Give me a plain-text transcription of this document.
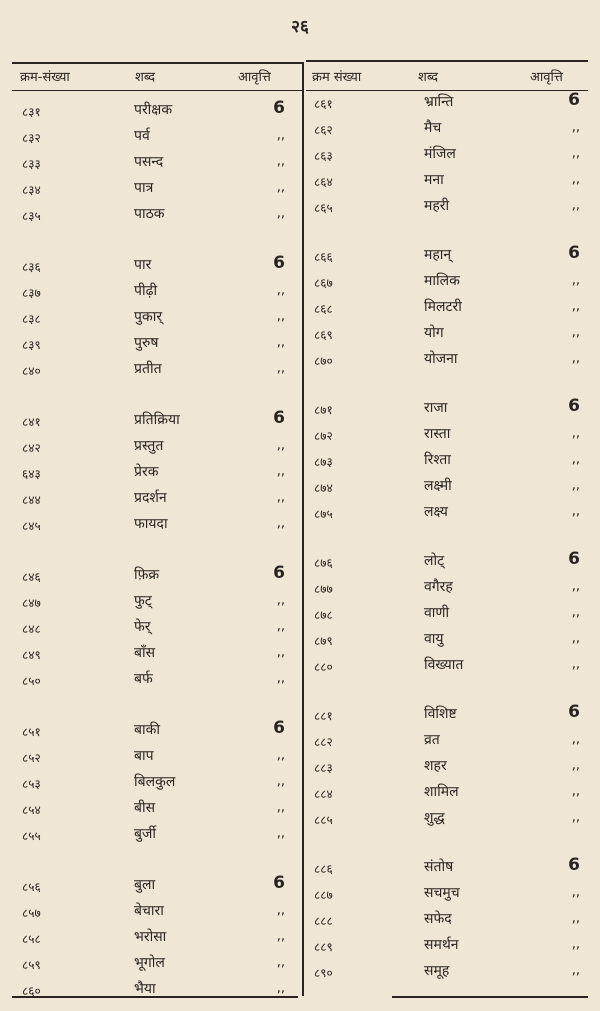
२६
क्रम-संख्या	शब्द	आवृत्ति	क्रम संख्या	शब्द	आवृत्ति
८३१	परीक्षक	6
८३२	पर्व	,,
८३३	पसन्द	,,
८३४	पात्र	,,
८३५	पाठक	,,
८३६	पार	6
८३७	पीढ़ी	,,
८३८	पुकार्	,,
८३९	पुरुष	,,
८४०	प्रतीत	,,
८४१	प्रतिक्रिया	6
८४२	प्रस्तुत	,,
६४३	प्रेरक	,,
८४४	प्रदर्शन	,,
८४५	फायदा	,,
८४६	फ़िक्र	6
८४७	फुट्	,,
८४८	फेर्	,,
८४९	बाँस	,,
८५०	बर्फ	,,
८५१	बाकी	6
८५२	बाप	,,
८५३	बिलकुल	,,
८५४	बीस	,,
८५५	बुर्जी	,,
८५६	बुला	6
८५७	बेचारा	,,
८५८	भरोसा	,,
८५९	भूगोल	,,
८६०	भैया	,,
८६१	भ्रान्ति	6
८६२	मैच	,,
८६३	मंजिल	,,
८६४	मना	,,
८६५	महरी	,,
८६६	महान्	6
८६७	मालिक	,,
८६८	मिलटरी	,,
८६९	योग	,,
८७०	योजना	,,
८७१	राजा	6
८७२	रास्ता	,,
८७३	रिश्ता	,,
८७४	लक्ष्मी	,,
८७५	लक्ष्य	,,
८७६	लोट्	6
८७७	वगैरह	,,
८७८	वाणी	,,
८७९	वायु	,,
८८०	विख्यात	,,
८८१	विशिष्ट	6
८८२	व्रत	,,
८८३	शहर	,,
८८४	शामिल	,,
८८५	शुद्ध	,,
८८६	संतोष	6
८८७	सचमुच	,,
८८८	सफेद	,,
८८९	समर्थन	,,
८९०	समूह	,,
